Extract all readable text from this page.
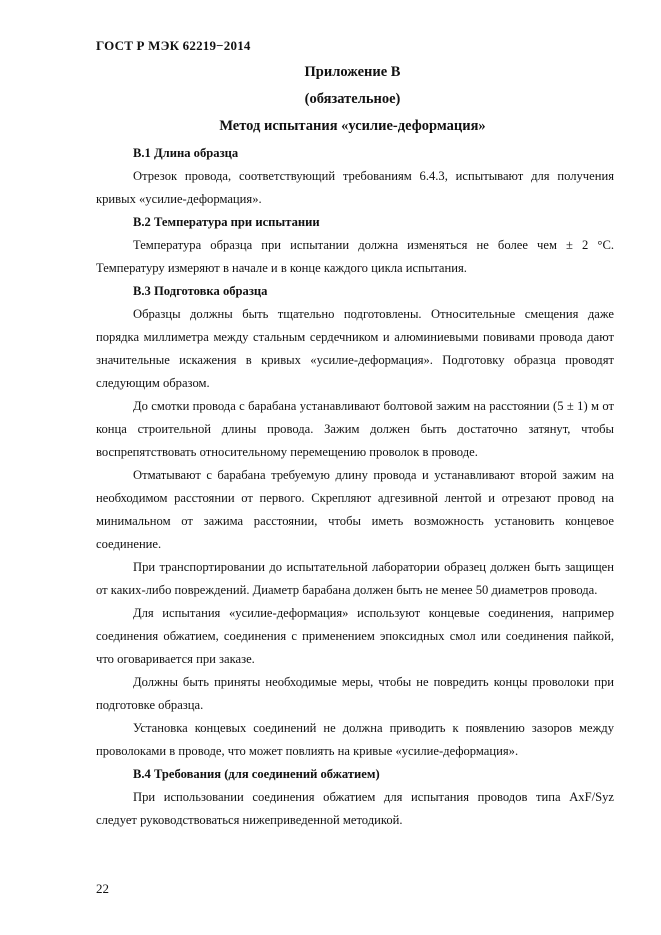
ГОСТ Р МЭК 62219−2014
Приложение В
(обязательное)
Метод испытания «усилие-деформация»
В.1 Длина образца

Отрезок провода, соответствующий требованиям 6.4.3, испытывают для получения кривых «усилие-деформация».

В.2 Температура при испытании

Температура образца при испытании должна изменяться не более чем ± 2 °С. Температуру измеряют в начале и в конце каждого цикла испытания.

В.3 Подготовка образца

Образцы должны быть тщательно подготовлены. Относительные смещения даже порядка миллиметра между стальным сердечником и алюминиевыми повивами провода дают значительные искажения в кривых «усилие-деформация». Подготовку образца проводят следующим образом.

До смотки провода с барабана устанавливают болтовой зажим на расстоянии (5 ± 1) м от конца строительной длины провода. Зажим должен быть достаточно затянут, чтобы воспрепятствовать относительному перемещению проволок в проводе.

Отматывают с барабана требуемую длину провода и устанавливают второй зажим на необходимом расстоянии от первого. Скрепляют адгезивной лентой и отрезают провод на минимальном от зажима расстоянии, чтобы иметь возможность установить концевое соединение.

При транспортировании до испытательной лаборатории образец должен быть защищен от каких-либо повреждений. Диаметр барабана должен быть не менее 50 диаметров провода.

Для испытания «усилие-деформация» используют концевые соединения, например соединения обжатием, соединения с применением эпоксидных смол или соединения пайкой, что оговаривается при заказе.

Должны быть приняты необходимые меры, чтобы не повредить концы проволоки при подготовке образца.

Установка концевых соединений не должна приводить к появлению зазоров между проволоками в проводе, что может повлиять на кривые «усилие-деформация».

В.4 Требования (для соединений обжатием)

При использовании соединения обжатием для испытания проводов типа AxF/Syz следует руководствоваться нижеприведенной методикой.

22
